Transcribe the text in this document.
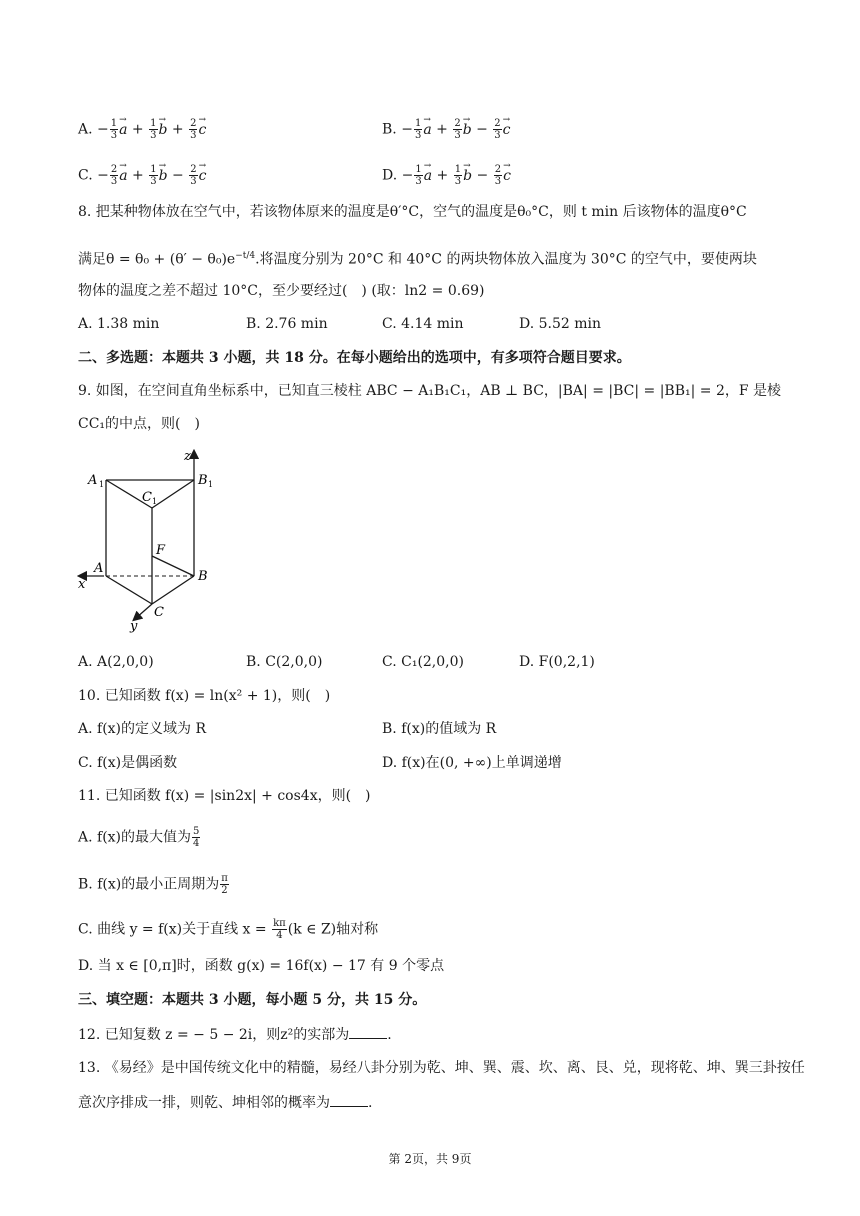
A. − $\frac{1}{3}$
→ $a + \frac{1}{3}$
→ $b + \frac{2}{3}$
→ c	B. − $\frac{1}{3}$
→ $a + \frac{2}{3}$
→ $b - \frac{2}{3}$
→ c
C. − $\frac{2}{3}$
→ $a + \frac{1}{3}$
→ $b - \frac{2}{3}$
→ c	D. − $\frac{1}{3}$
→ $a + \frac{1}{3}$
→ $b - \frac{2}{3}$
→ c
8. 把某种物体放在空气中，若该物体原来的温度是θ′°C，空气的温度是θ₀°C，则 t min 后该物体的温度θ°C
满足$\theta = \theta_0 + (\theta' - \theta_0)e^{-t/4}$.将温度分别为 20°C 和 40°C 的两块物体放入温度为 30°C 的空气中，要使两块
物体的温度之差不超过 10°C，至少要经过(　) (取：ln2 = 0.69)
A. 1.38 min	B. 2.76 min	C. 4.14 min	D. 5.52 min
二、多选题：本题共 3 小题，共 18 分。在每小题给出的选项中，有多项符合题目要求。
9. 如图，在空间直角坐标系中，已知直三棱柱 ABC − A₁B₁C₁，AB ⊥ BC，|BA| = |BC| = |BB₁| = 2，F 是棱
CC₁的中点，则(　)
z
x
y
A 1	B 1
C 1
F
A
B
C
A. A(2,0,0)	B. C(2,0,0)	C. C₁(2,0,0)	D. F(0,2,1)
10. 已知函数 f(x) = ln(x² + 1)，则(　)
A. f(x)的定义域为 R	B. f(x)的值域为 R
C. f(x)是偶函数	D. f(x)在(0, +∞)上单调递增
11. 已知函数 f(x) = |sin2x| + cos4x，则(　)
A. f(x)的最大值为 $\frac{5}{4}$
B. f(x)的最小正周期为 $\frac{\pi}{2}$
C. 曲线 y = f(x)关于直线 $x = \frac{k\pi}{4} (k$ ∈ Z)轴对称
D. 当 x ∈ [0,π]时，函数 g(x) = 16f(x) − 17 有 9 个零点
三、填空题：本题共 3 小题，每小题 5 分，共 15 分。
12. 已知复数 z = − 5 − 2i，则z²的实部为	.
13. 《易经》是中国传统文化中的精髓，易经八卦分别为乾、坤、巽、震、坎、离、艮、兑，现将乾、坤、巽三卦按任
意次序排成一排，则乾、坤相邻的概率为	.
第 2页，共 9页
